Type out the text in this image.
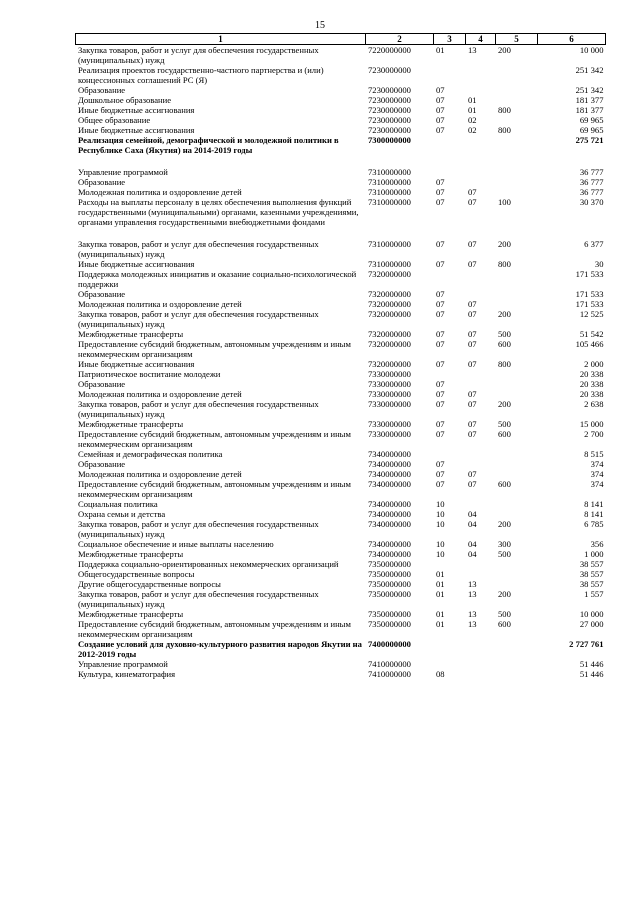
15
1	2	3	4	5	6
Закупка товаров, работ и услуг для обеспечения государственных (муниципальных) нужд	7220000000	01	13	200	10 000
Реализация проектов государственно-частного партнерства и (или) концессионных соглашений РС (Я)	7230000000				251 342
Образование	7230000000	07			251 342
Дошкольное образование	7230000000	07	01		181 377
Иные бюджетные ассигнования	7230000000	07	01	800	181 377
Общее образование	7230000000	07	02		69 965
Иные бюджетные ассигнования	7230000000	07	02	800	69 965
Реализация семейной, демографической и молодежной политики в Республике Саха (Якутия) на 2014-2019 годы	7300000000				275 721

Управление программой	7310000000				36 777
Образование	7310000000	07			36 777
Молодежная политика и оздоровление детей	7310000000	07	07		36 777
Расходы на выплаты персоналу в целях обеспечения выполнения функций государственными (муниципальными) органами, казенными учреждениями, органами управления государственными внебюджетными фондами	7310000000	07	07	100	30 370

Закупка товаров, работ и услуг для обеспечения государственных (муниципальных) нужд	7310000000	07	07	200	6 377
Иные бюджетные ассигнования	7310000000	07	07	800	30
Поддержка молодежных инициатив и оказание социально-психологической поддержки	7320000000				171 533
Образование	7320000000	07			171 533
Молодежная политика и оздоровление детей	7320000000	07	07		171 533
Закупка товаров, работ и услуг для обеспечения государственных (муниципальных) нужд	7320000000	07	07	200	12 525
Межбюджетные трансферты	7320000000	07	07	500	51 542
Предоставление субсидий бюджетным, автономным учреждениям и иным некоммерческим организациям	7320000000	07	07	600	105 466
Иные бюджетные ассигнования	7320000000	07	07	800	2 000
Патриотическое воспитание молодежи	7330000000				20 338
Образование	7330000000	07			20 338
Молодежная политика и оздоровление детей	7330000000	07	07		20 338
Закупка товаров, работ и услуг для обеспечения государственных (муниципальных) нужд	7330000000	07	07	200	2 638
Межбюджетные трансферты	7330000000	07	07	500	15 000
Предоставление субсидий бюджетным, автономным учреждениям и иным некоммерческим организациям	7330000000	07	07	600	2 700
Семейная и демографическая политика	7340000000				8 515
Образование	7340000000	07			374
Молодежная политика и оздоровление детей	7340000000	07	07		374
Предоставление субсидий бюджетным, автономным учреждениям и иным некоммерческим организациям	7340000000	07	07	600	374
Социальная политика	7340000000	10			8 141
Охрана семьи и детства	7340000000	10	04		8 141
Закупка товаров, работ и услуг для обеспечения государственных (муниципальных) нужд	7340000000	10	04	200	6 785
Социальное обеспечение и иные выплаты населению	7340000000	10	04	300	356
Межбюджетные трансферты	7340000000	10	04	500	1 000
Поддержка социально-ориентированных некоммерческих организаций	7350000000				38 557
Общегосударственные вопросы	7350000000	01			38 557
Другие общегосударственные вопросы	7350000000	01	13		38 557
Закупка товаров, работ и услуг для обеспечения государственных (муниципальных) нужд	7350000000	01	13	200	1 557
Межбюджетные трансферты	7350000000	01	13	500	10 000
Предоставление субсидий бюджетным, автономным учреждениям и иным некоммерческим организациям	7350000000	01	13	600	27 000
Создание условий для духовно-культурного развития народов Якутии на 2012-2019 годы	7400000000				2 727 761
Управление программой	7410000000				51 446
Культура, кинематография	7410000000	08			51 446
